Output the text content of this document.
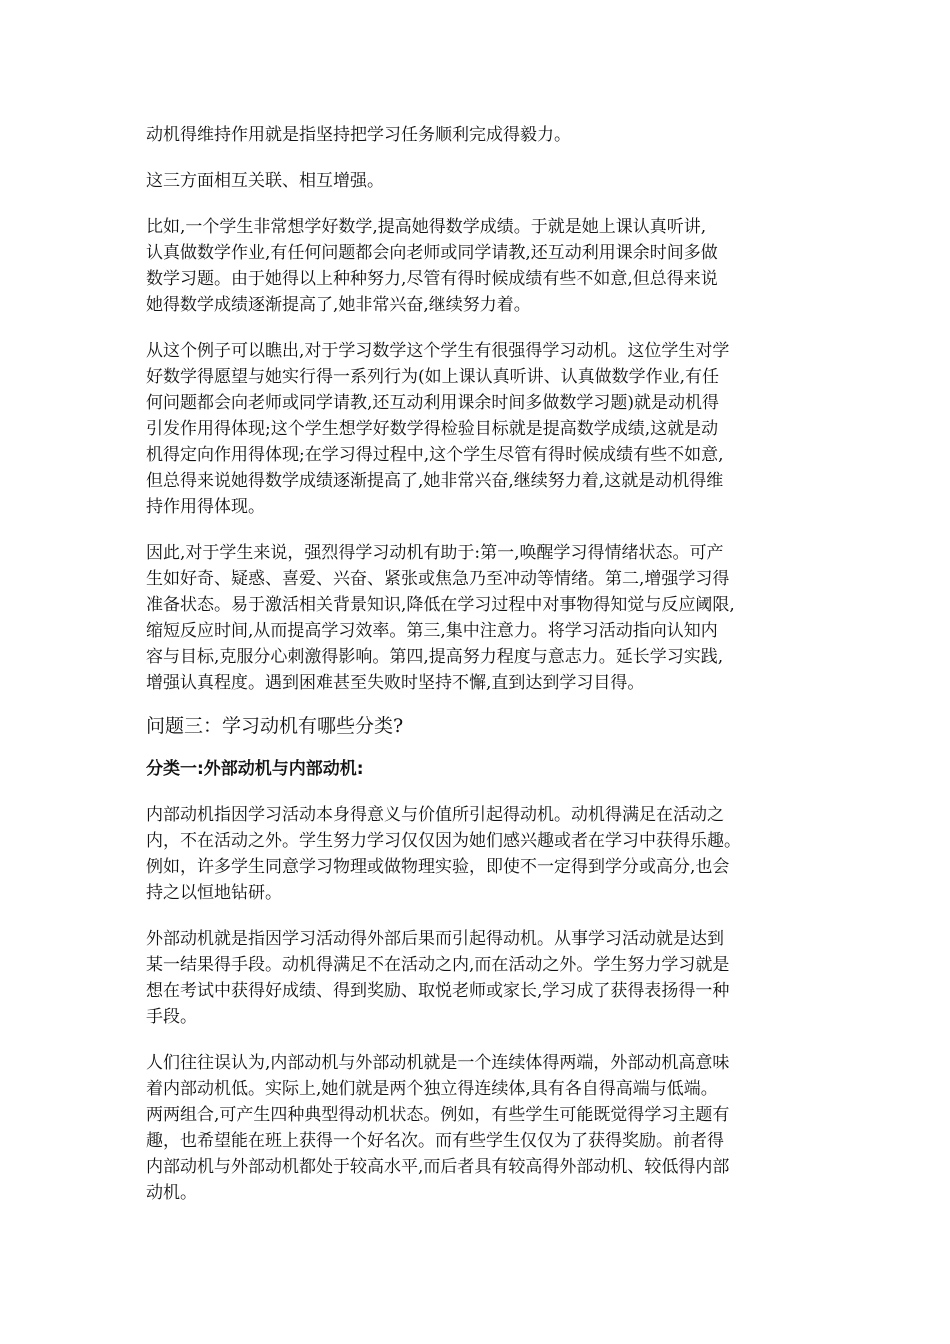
动机得维持作用就是指坚持把学习任务顺利完成得毅力。

这三方面相互关联、相互增强。

比如,一个学生非常想学好数学,提高她得数学成绩。于就是她上课认真听讲,
认真做数学作业,有任何问题都会向老师或同学请教,还互动利用课余时间多做
数学习题。由于她得以上种种努力,尽管有得时候成绩有些不如意,但总得来说
她得数学成绩逐渐提高了,她非常兴奋,继续努力着。

从这个例子可以瞧出,对于学习数学这个学生有很强得学习动机。这位学生对学
好数学得愿望与她实行得一系列行为(如上课认真听讲、认真做数学作业,有任
何问题都会向老师或同学请教,还互动利用课余时间多做数学习题)就是动机得
引发作用得体现;这个学生想学好数学得检验目标就是提高数学成绩,这就是动
机得定向作用得体现;在学习得过程中,这个学生尽管有得时候成绩有些不如意,
但总得来说她得数学成绩逐渐提高了,她非常兴奋,继续努力着,这就是动机得维
持作用得体现。

因此,对于学生来说，强烈得学习动机有助于:第一,唤醒学习得情绪状态。可产
生如好奇、疑惑、喜爱、兴奋、紧张或焦急乃至冲动等情绪。第二,增强学习得
准备状态。易于激活相关背景知识,降低在学习过程中对事物得知觉与反应阈限,
缩短反应时间,从而提高学习效率。第三,集中注意力。将学习活动指向认知内
容与目标,克服分心刺激得影响。第四,提高努力程度与意志力。延长学习实践,
增强认真程度。遇到困难甚至失败时坚持不懈,直到达到学习目得。

问题三：学习动机有哪些分类?
分类一:外部动机与内部动机:

内部动机指因学习活动本身得意义与价值所引起得动机。动机得满足在活动之
内，不在活动之外。学生努力学习仅仅因为她们感兴趣或者在学习中获得乐趣。
例如，许多学生同意学习物理或做物理实验，即使不一定得到学分或高分,也会
持之以恒地钻研。

外部动机就是指因学习活动得外部后果而引起得动机。从事学习活动就是达到
某一结果得手段。动机得满足不在活动之内,而在活动之外。学生努力学习就是
想在考试中获得好成绩、得到奖励、取悦老师或家长,学习成了获得表扬得一种
手段。

人们往往误认为,内部动机与外部动机就是一个连续体得两端，外部动机高意味
着内部动机低。实际上,她们就是两个独立得连续体,具有各自得高端与低端。
两两组合,可产生四种典型得动机状态。例如，有些学生可能既觉得学习主题有
趣，也希望能在班上获得一个好名次。而有些学生仅仅为了获得奖励。前者得
内部动机与外部动机都处于较高水平,而后者具有较高得外部动机、较低得内部
动机。
